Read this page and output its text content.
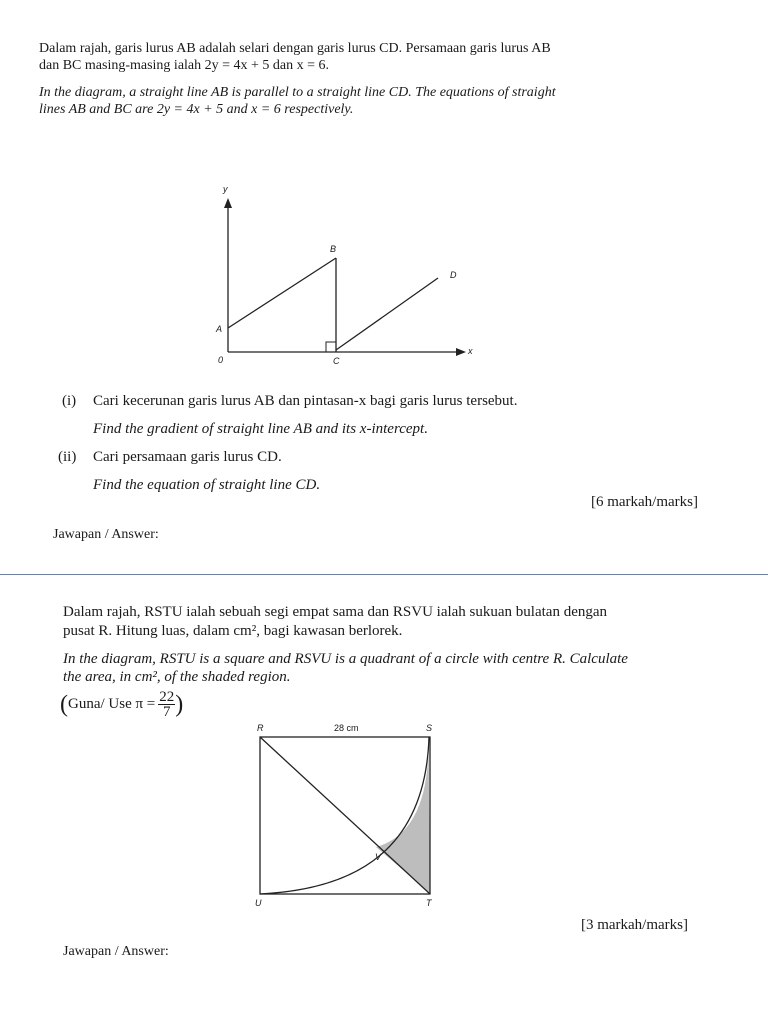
Dalam rajah, garis lurus AB adalah selari dengan garis lurus CD. Persamaan garis lurus AB
dan BC masing-masing ialah 2y = 4x + 5 dan x = 6.
In the diagram, a straight line AB is parallel to a straight line CD. The equations of straight
lines AB and BC are 2y = 4x + 5 and x = 6 respectively.
y
x
A
B
C
D
0
(i) Cari kecerunan garis lurus AB dan pintasan-x bagi garis lurus tersebut.
Find the gradient of straight line AB and its x-intercept.
(ii) Cari persamaan garis lurus CD.
Find the equation of straight line CD.
[6 markah/marks]
Jawapan / Answer:
Dalam rajah, RSTU ialah sebuah segi empat sama dan RSVU ialah sukuan bulatan dengan
pusat R. Hitung luas, dalam cm², bagi kawasan berlorek.
In the diagram, RSTU is a square and RSVU is a quadrant of a circle with centre R. Calculate
the area, in cm², of the shaded region.
(Guna/ Use $\pi = \frac{22}{7}$ )
R	S
U	T
V
28 cm
[3 markah/marks]
Jawapan / Answer:
